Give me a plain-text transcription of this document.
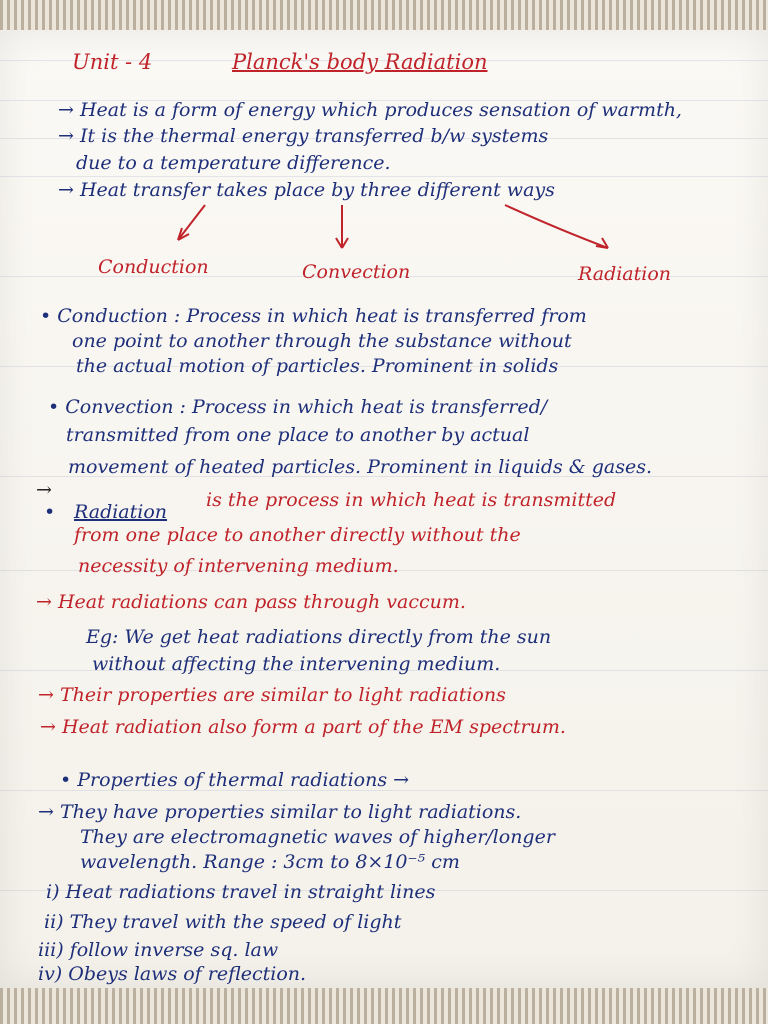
Unit - 4	Planck's body Radiation
→ Heat is a form of energy which produces sensation of warmth,
→ It is the thermal energy transferred b/w systems
due to a temperature difference.
→ Heat transfer takes place by three different ways
Conduction	Convection	Radiation
• Conduction : Process in which heat is transferred from
one point to another through the substance without
the actual motion of particles. Prominent in solids
• Convection : Process in which heat is transferred/
transmitted from one place to another by actual
movement of heated particles. Prominent in liquids & gases.
→
• Radiation
is the process in which heat is transmitted
from one place to another directly without the
necessity of intervening medium.
→ Heat radiations can pass through vaccum.
Eg: We get heat radiations directly from the sun
without affecting the intervening medium.
→ Their properties are similar to light radiations
→ Heat radiation also form a part of the EM spectrum.
• Properties of thermal radiations →
→ They have properties similar to light radiations.
They are electromagnetic waves of higher/longer
wavelength. Range : 3cm to 8×10⁻⁵ cm
i) Heat radiations travel in straight lines
ii) They travel with the speed of light
iii) follow inverse sq. law
iv) Obeys laws of reflection.
